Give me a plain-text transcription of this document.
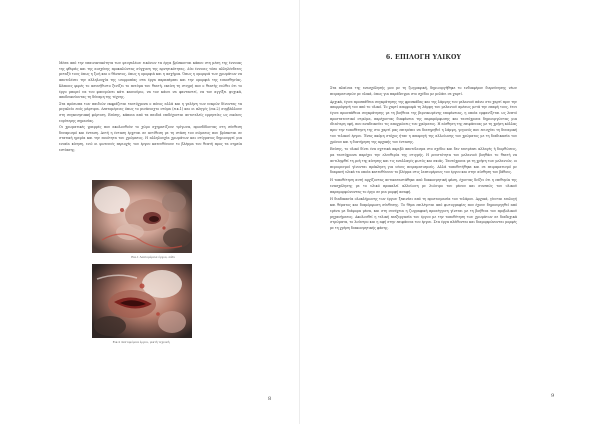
Μέσα από την υπαινικτικότητα των φευγαλέων εικόνων τα έργα βρίσκονται κάπου στη μέση της έννοιας της φθοράς και της αισχύνης προκαλώντας σύγχυση της αρνητικότητας. Δύο έννοιες τόσο αλληλένδετες μεταξύ τους όπως η ζωή και ο θάνατος, όπως η ομορφιά και η ασχήμια. Όπως η ομορφιά των χρωμάτων να αποτελέσει την αλληλουχία της ισορροπίας στα έργα παραπέμπει και την ομορφιά της ευαισθησίας. Κάποιες φορές το ασυνήθιστο ξενίζει το πνεύμα του θεατή, εκείνη τη στιγμή που ο θεατής νιώθει ότι το έργο μπορεί να του φανερώσει κάτι καινούριο, να τον κάνει να φανταστεί, να τον αγγίξει ψυχικά, αποδεικνύοντας τη δύναμη της τέχνης.

Στα πρόσωπα των παιδιών εκφράζεται ταυτόχρονα ο πόνος αλλά και η γαλήνη των νεκρών δίνοντας τα μεγαλείο ενός μάρτυρα. Λεπτομέρειες όπως το μισάνοιχτο στόμα (εικ.1) και οι πληγές (εικ.2) συμβάλλουν στη συγκινησιακή φόρτιση. Επίσης, κάποια από τα παιδιά επιδέχονται αυτοτελείς ερμηνείες ως εικόνες ευρύτερης σημασίας.

Οι χρωματικές γραμμές που ακολουθούν το χώρο σχηματίζουν τρίγωνα, προσδίδοντας στη σύνθεση δυναμισμό και ένταση. Αυτή η ένταση έρχεται σε αντίθεση με τη στάση του σώματος που βρίσκεται σε στατική ηρεμία και την ποιότητα του χρώματος. Η αλληλουχία χρωμάτων και στίγματος δημιουργεί μια ενιαία κίνηση, ενώ οι φωτεινές περιοχές του έργου κατευθύνουν το βλέμμα του θεατή προς τα σημεία εστίασης.

Εικ.1 Λεπτομέρεια έργου, λάδι
Εικ.2 Λεπτομέρεια έργου, μικτή τεχνική
8
6. ΕΠΙΛΟΓΗ ΥΛΙΚΟΥ

Στα πλαίσια της ενασχόλησής μου με τη ζωγραφική, δημιουργήθηκε το ενδιαφέρον διερεύνησης νέων πειραματισμών με υλικά, όπως για παράδειγμα στο σχέδιο με μελάνι σε χαρτί.

Αρχικά, έγινε προσπάθεια συγκράτησης της φρεσκάδας και της λάμψης του μελανιού πάνω στο χαρτί πριν την απορρόφησή του από το υλικό. Το χαρτί απορροφά τη λάμψη του μελανιού αμέσως μετά την επαφή τους, έτσι έγινε προσπάθεια συγκράτησης με τη βοήθεια της βερνικωμένης επιφάνειας, η οποία εμφανίζεται ως λεπτό προστατευτικό στρώμα, παρέχοντας διαφάνεια της παραμόρφωσης και ταυτόχρονα δημιουργώντας μια ιδιαίτερη υφή, που αναδεικνύει τις αποχρώσεις του χρώματος. Η αίσθηση της επιφάνειας με τη χρήση κόλλας πριν την τοποθέτηση της στο χαρτί μας επιτρέπει να διατηρηθεί η λάμψη, γεγονός που ενισχύει τη δυναμική του τελικού έργου. Ένας ακόμη στόχος ήταν η αποφυγή της αλλοίωσης του χρώματος με τη διαδικασία του χρόνου και η διατήρηση της αρχικής του έντασης.

Επίσης, το υλικό δίνει ένα σχετικά ακριβό αποτέλεσμα στο σχέδιο και δεν επιτρέπει αλλαγές ή διορθώσεις, μα ταυτόχρονα παρέχει την ελευθερία της στιγμής. Η ρευστότητα του μελανιού βοηθάει το θεατή να αντιληφθεί τη ροή της κίνησης και τις εναλλαγές φωτός και σκιάς. Ταυτόχρονα με τη χρήση των μελανιών, οι περιορισμοί γίνονται πρόκληση για νέους πειραματισμούς. Αλλά τοποθετήθηκε και σε πειραματισμό με διαφανή υλικά τα οποία κατευθύνουν το βλέμμα στις λεπτομέρειες του έργου και στην αίσθηση του βάθους.

Η τοποθέτηση αυτή αρχίζοντας αντικαταστάθηκε από διακοσμητική φάση, έχοντας δείξει ότι η επιθυμία της ενασχόλησης με το υλικό προκαλεί αλλοίωση με λιώσιμο του μέσου και συνεπώς του υλικού παραμορφώνοντας το έργο σε μια μορφή ασαφή.

Η διαδικασία ολοκλήρωσης των έργων ξεκινάει από τη προετοιμασία του τελάρου. Αρχικά, γίνεται επιλογή και θέματος και διαμόρφωση σύνθεσης. Το θέμα επιλέγεται από φωτογραφίες που έχουν δημιουργηθεί από εμένα με διάφορα μέσα, και στη συνέχεια η ζωγραφική προσέγγιση γίνεται με τη βοήθεια του προβολικού μηχανήματος. Ακολουθεί η τελική επεξεργασία του έργου με την τοποθέτηση των χρωμάτων σε διαδοχικά στρώματα, το λούστρο και η αφή στην επιφάνεια του έργου. Στα έργα πλάθονται και διαμορφώνονται μορφές με τη χρήση διακοσμητικής φάσης.

9
